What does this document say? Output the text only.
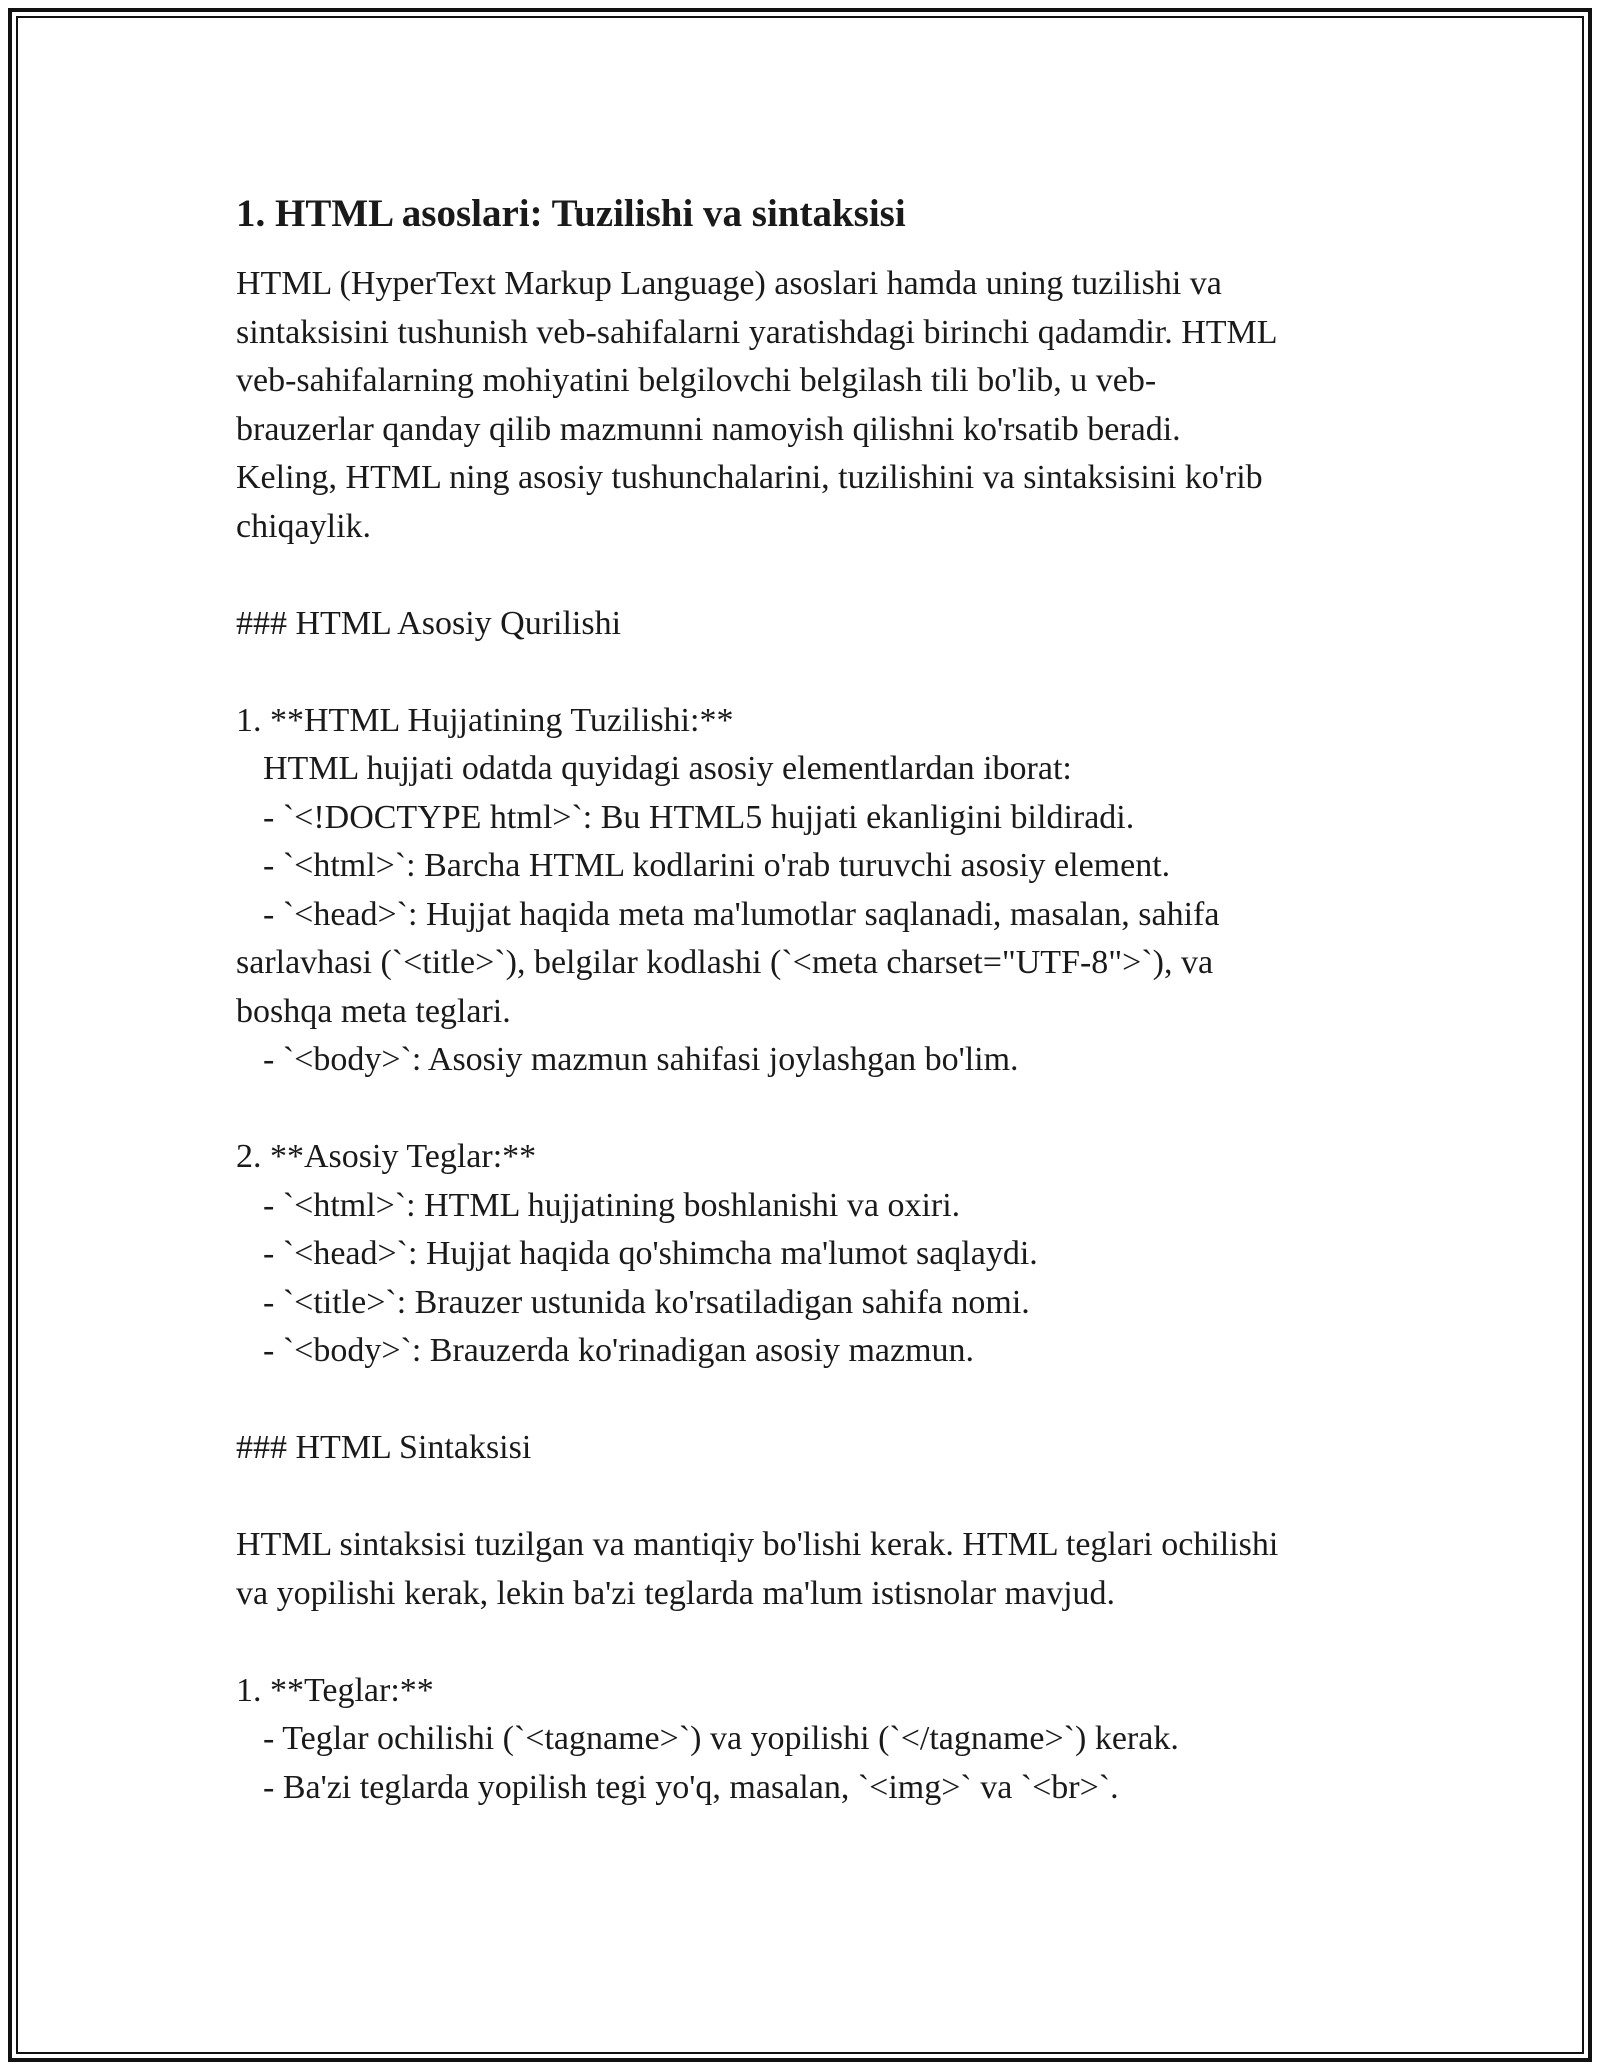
1. HTML asoslari: Tuzilishi va sintaksisi

HTML (HyperText Markup Language) asoslari hamda uning tuzilishi va

sintaksisini tushunish veb-sahifalarni yaratishdagi birinchi qadamdir. HTML

veb-sahifalarning mohiyatini belgilovchi belgilash tili bo'lib, u veb-

brauzerlar qanday qilib mazmunni namoyish qilishni ko'rsatib beradi.

Keling, HTML ning asosiy tushunchalarini, tuzilishini va sintaksisini ko'rib

chiqaylik.

### HTML Asosiy Qurilishi

1. **HTML Hujjatining Tuzilishi:**

HTML hujjati odatda quyidagi asosiy elementlardan iborat:

- `<!DOCTYPE html>`: Bu HTML5 hujjati ekanligini bildiradi.

- `<html>`: Barcha HTML kodlarini o'rab turuvchi asosiy element.

- `<head>`: Hujjat haqida meta ma'lumotlar saqlanadi, masalan, sahifa

sarlavhasi (`<title>`), belgilar kodlashi (`<meta charset="UTF-8">`), va

boshqa meta teglari.

- `<body>`: Asosiy mazmun sahifasi joylashgan bo'lim.

2. **Asosiy Teglar:**

- `<html>`: HTML hujjatining boshlanishi va oxiri.

- `<head>`: Hujjat haqida qo'shimcha ma'lumot saqlaydi.

- `<title>`: Brauzer ustunida ko'rsatiladigan sahifa nomi.

- `<body>`: Brauzerda ko'rinadigan asosiy mazmun.

### HTML Sintaksisi

HTML sintaksisi tuzilgan va mantiqiy bo'lishi kerak. HTML teglari ochilishi

va yopilishi kerak, lekin ba'zi teglarda ma'lum istisnolar mavjud.

1. **Teglar:**

- Teglar ochilishi (`<tagname>`) va yopilishi (`</tagname>`) kerak.

- Ba'zi teglarda yopilish tegi yo'q, masalan, `<img>` va `<br>`.
